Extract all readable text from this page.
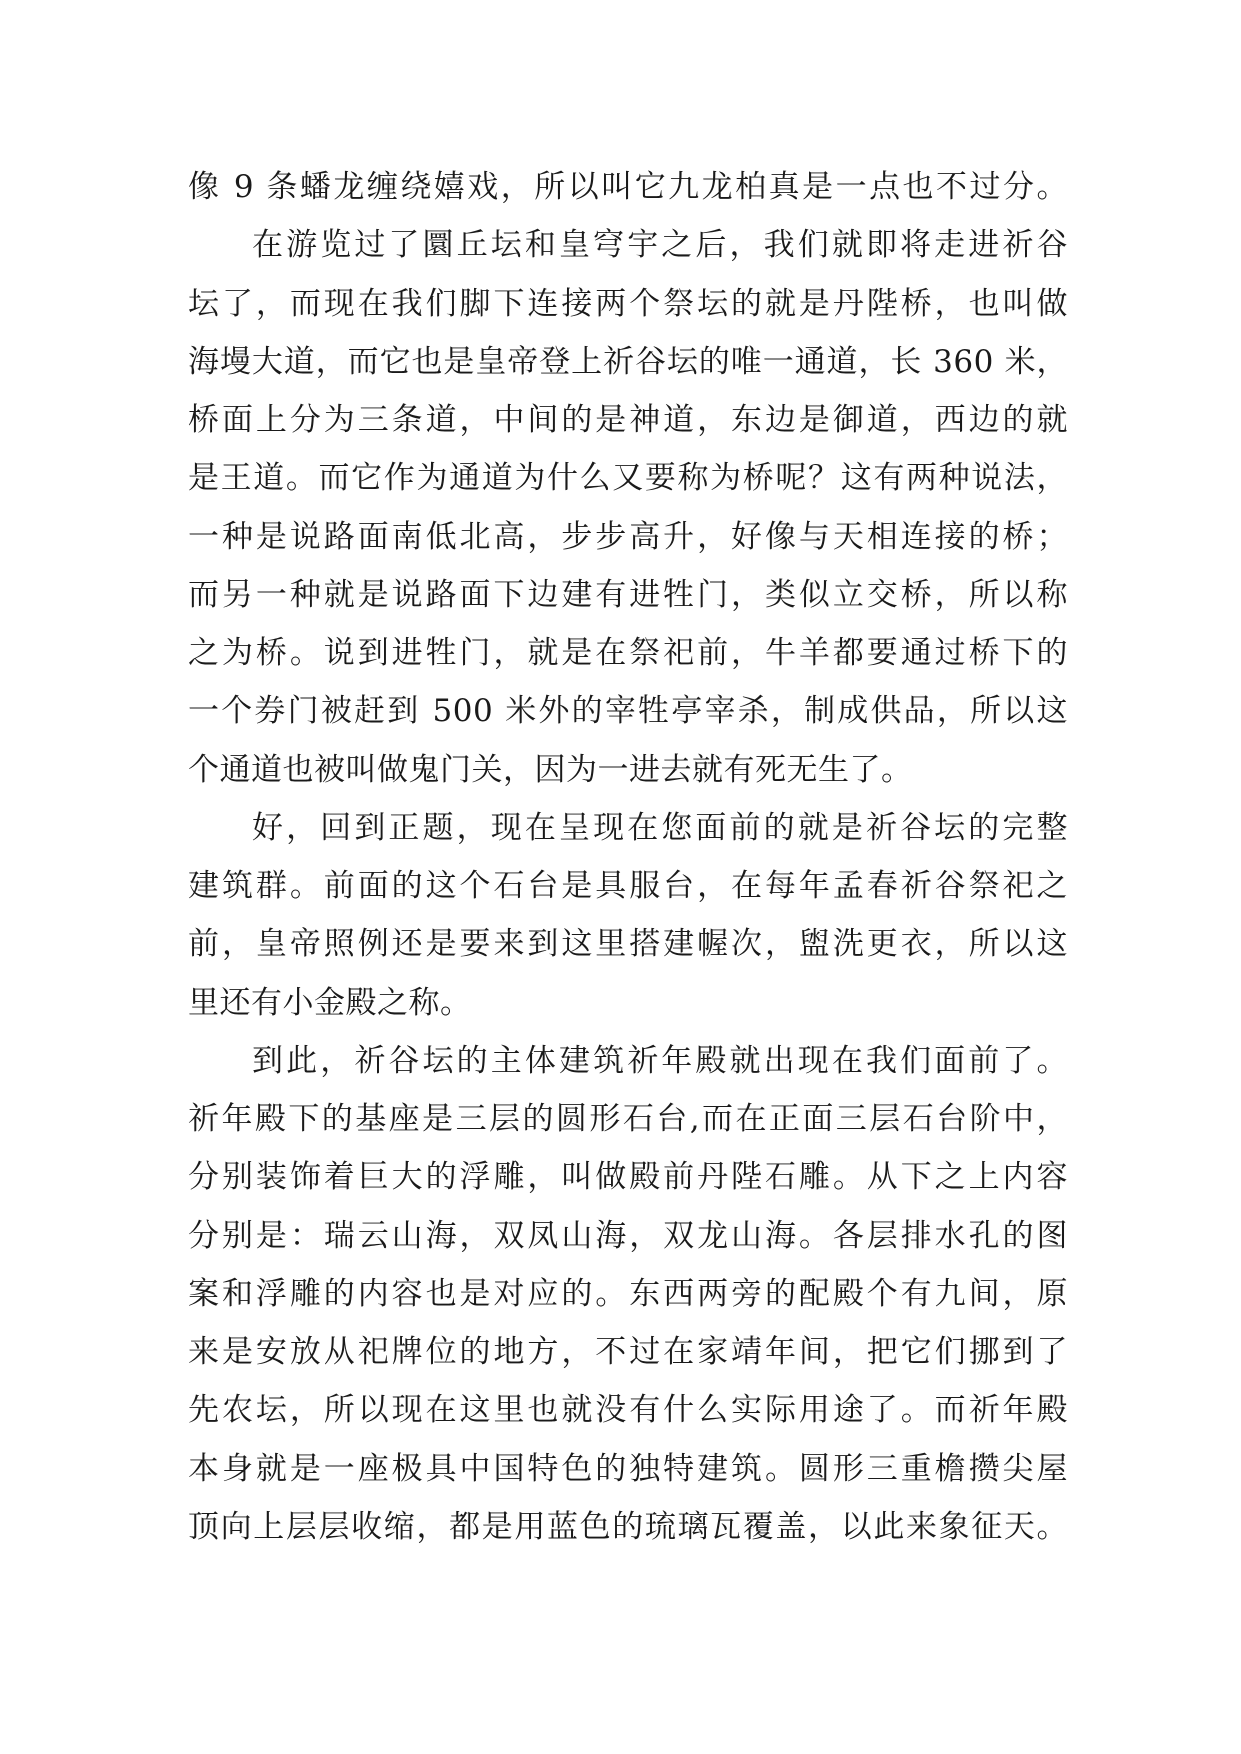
像 9 条蟠龙缠绕嬉戏，所以叫它九龙柏真是一点也不过分。
在游览过了圜丘坛和皇穹宇之后，我们就即将走进祈谷
坛了，而现在我们脚下连接两个祭坛的就是丹陛桥，也叫做
海墁大道，而它也是皇帝登上祈谷坛的唯一通道，长 360 米，
桥面上分为三条道，中间的是神道，东边是御道，西边的就
是王道。而它作为通道为什么又要称为桥呢？这有两种说法，
一种是说路面南低北高，步步高升，好像与天相连接的桥；
而另一种就是说路面下边建有进牲门，类似立交桥，所以称
之为桥。说到进牲门，就是在祭祀前，牛羊都要通过桥下的
一个券门被赶到 500 米外的宰牲亭宰杀，制成供品，所以这
个通道也被叫做鬼门关，因为一进去就有死无生了。
好，回到正题，现在呈现在您面前的就是祈谷坛的完整
建筑群。前面的这个石台是具服台，在每年孟春祈谷祭祀之
前，皇帝照例还是要来到这里搭建幄次，盥洗更衣，所以这
里还有小金殿之称。
到此，祈谷坛的主体建筑祈年殿就出现在我们面前了。
祈年殿下的基座是三层的圆形石台,而在正面三层石台阶中，
分别装饰着巨大的浮雕，叫做殿前丹陛石雕。从下之上内容
分别是：瑞云山海，双凤山海，双龙山海。各层排水孔的图
案和浮雕的内容也是对应的。东西两旁的配殿个有九间，原
来是安放从祀牌位的地方，不过在家靖年间，把它们挪到了
先农坛，所以现在这里也就没有什么实际用途了。而祈年殿
本身就是一座极具中国特色的独特建筑。圆形三重檐攒尖屋
顶向上层层收缩，都是用蓝色的琉璃瓦覆盖，以此来象征天。
